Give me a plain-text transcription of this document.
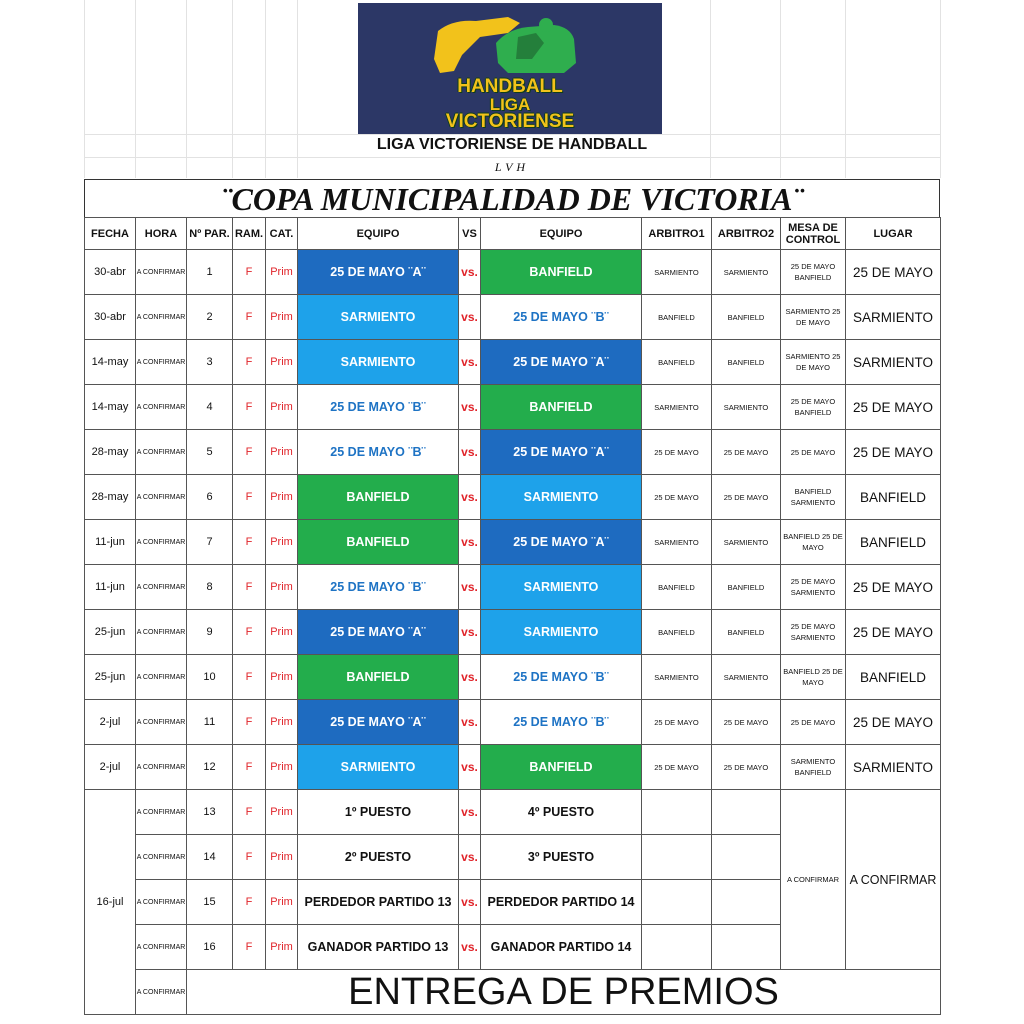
HANDBALL
LIGA
VICTORIENSE
LIGA VICTORIENSE DE HANDBALL
LVH
¨COPA MUNICIPALIDAD DE VICTORIA¨
FECHA	HORA	Nº PAR.	RAM.	CAT.	EQUIPO	VS	EQUIPO	ARBITRO1	ARBITRO2	MESA DE CONTROL	LUGAR
30-abr	A CONFIRMAR	1	F	Prim	25 DE MAYO ¨A¨	vs.	BANFIELD	SARMIENTO	SARMIENTO	25 DE MAYO BANFIELD	25 DE MAYO
30-abr	A CONFIRMAR	2	F	Prim	SARMIENTO	vs.	25 DE MAYO ¨B¨	BANFIELD	BANFIELD	SARMIENTO 25 DE MAYO	SARMIENTO
14-may	A CONFIRMAR	3	F	Prim	SARMIENTO	vs.	25 DE MAYO ¨A¨	BANFIELD	BANFIELD	SARMIENTO 25 DE MAYO	SARMIENTO
14-may	A CONFIRMAR	4	F	Prim	25 DE MAYO ¨B¨	vs.	BANFIELD	SARMIENTO	SARMIENTO	25 DE MAYO BANFIELD	25 DE MAYO
28-may	A CONFIRMAR	5	F	Prim	25 DE MAYO ¨B¨	vs.	25 DE MAYO ¨A¨	25 DE MAYO	25 DE MAYO	25 DE MAYO	25 DE MAYO
28-may	A CONFIRMAR	6	F	Prim	BANFIELD	vs.	SARMIENTO	25 DE MAYO	25 DE MAYO	BANFIELD SARMIENTO	BANFIELD
11-jun	A CONFIRMAR	7	F	Prim	BANFIELD	vs.	25 DE MAYO ¨A¨	SARMIENTO	SARMIENTO	BANFIELD 25 DE MAYO	BANFIELD
11-jun	A CONFIRMAR	8	F	Prim	25 DE MAYO ¨B¨	vs.	SARMIENTO	BANFIELD	BANFIELD	25 DE MAYO SARMIENTO	25 DE MAYO
25-jun	A CONFIRMAR	9	F	Prim	25 DE MAYO ¨A¨	vs.	SARMIENTO	BANFIELD	BANFIELD	25 DE MAYO SARMIENTO	25 DE MAYO
25-jun	A CONFIRMAR	10	F	Prim	BANFIELD	vs.	25 DE MAYO ¨B¨	SARMIENTO	SARMIENTO	BANFIELD 25 DE MAYO	BANFIELD
2-jul	A CONFIRMAR	11	F	Prim	25 DE MAYO ¨A¨	vs.	25 DE MAYO ¨B¨	25 DE MAYO	25 DE MAYO	25 DE MAYO	25 DE MAYO
2-jul	A CONFIRMAR	12	F	Prim	SARMIENTO	vs.	BANFIELD	25 DE MAYO	25 DE MAYO	SARMIENTO BANFIELD	SARMIENTO
16-jul	A CONFIRMAR	13	F	Prim	1º PUESTO	vs.	4º PUESTO			A CONFIRMAR	A CONFIRMAR
	A CONFIRMAR	14	F	Prim	2º PUESTO	vs.	3º PUESTO				
	A CONFIRMAR	15	F	Prim	PERDEDOR PARTIDO 13	vs.	PERDEDOR PARTIDO 14				
	A CONFIRMAR	16	F	Prim	GANADOR PARTIDO 13	vs.	GANADOR PARTIDO 14				
	A CONFIRMAR	ENTREGA DE PREMIOS									
